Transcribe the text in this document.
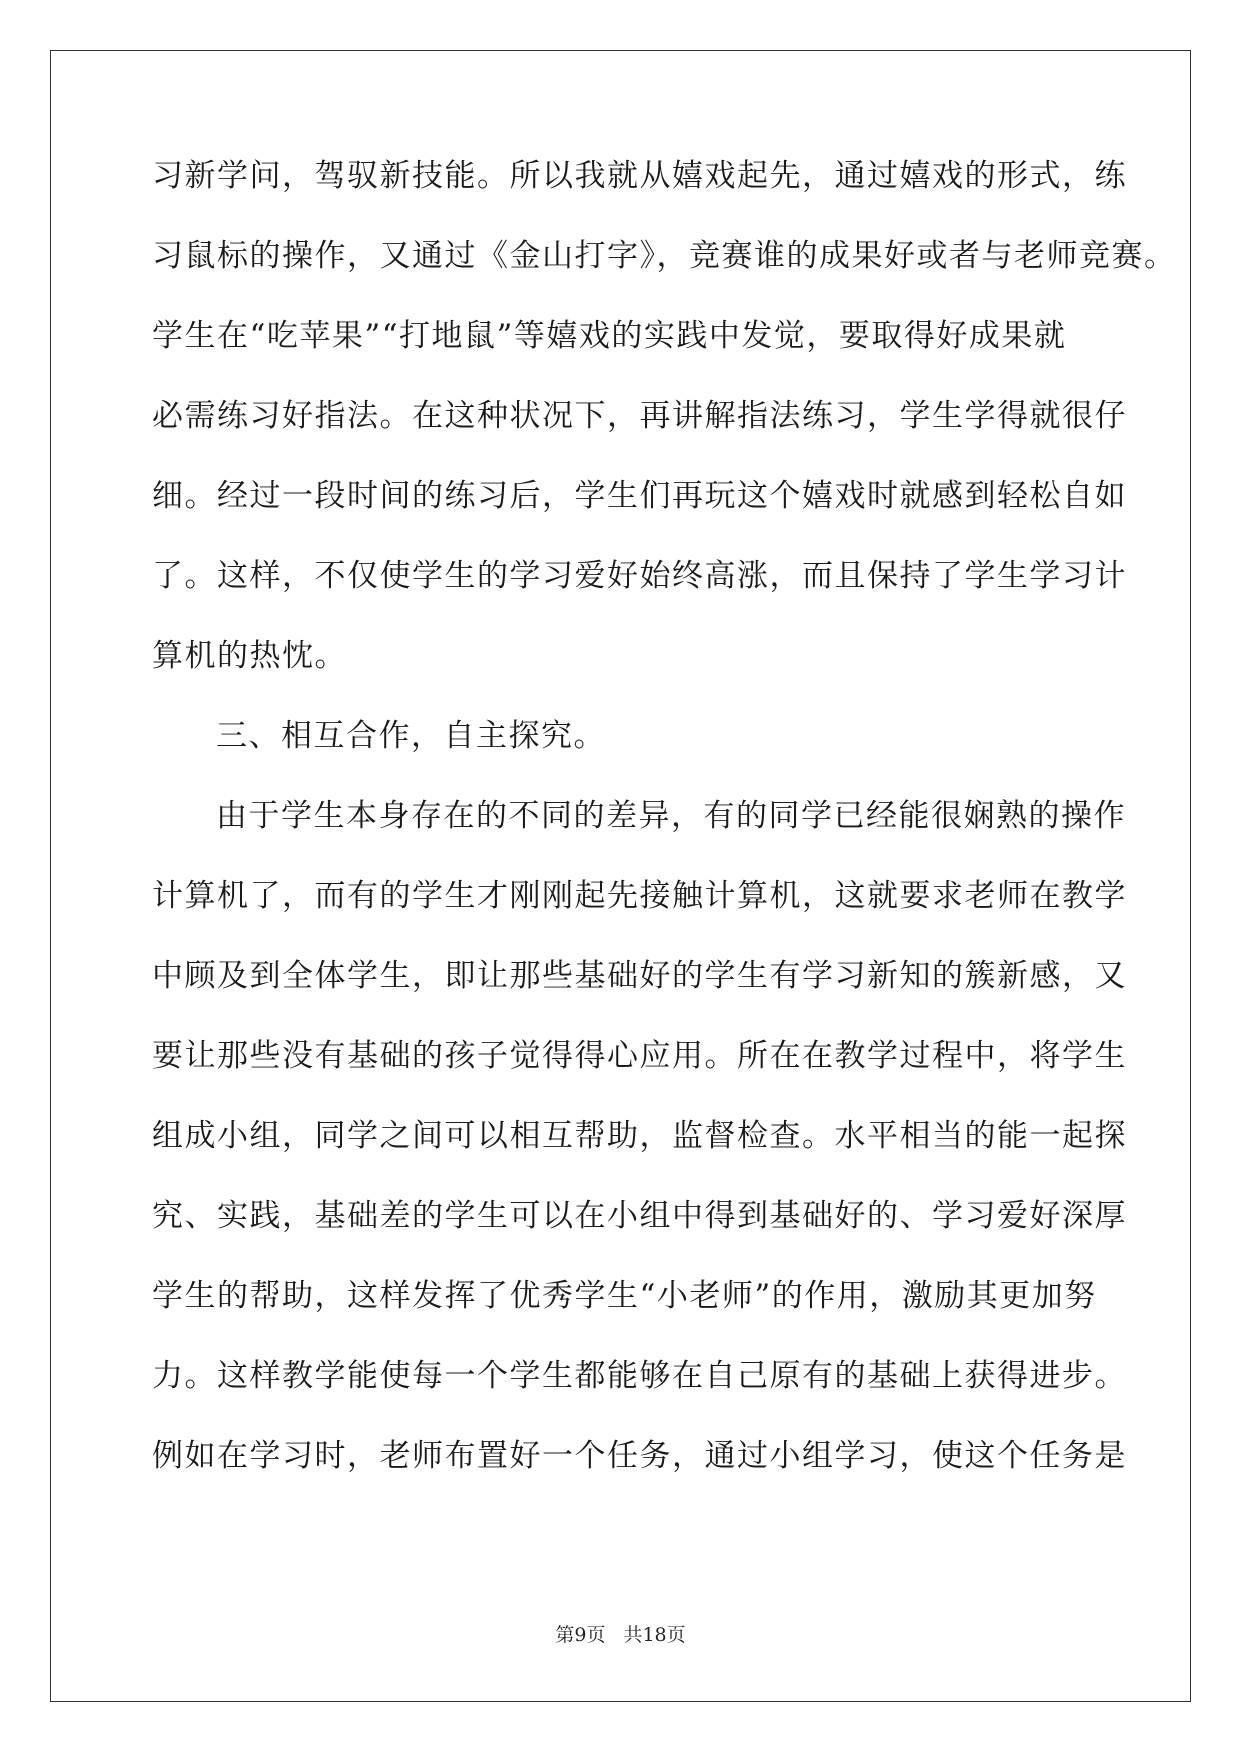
习新学问，驾驭新技能。所以我就从嬉戏起先，通过嬉戏的形式，练
习鼠标的操作，又通过《金山打字》，竞赛谁的成果好或者与老师竞赛。
学生在“吃苹果”“打地鼠”等嬉戏的实践中发觉，要取得好成果就
必需练习好指法。在这种状况下，再讲解指法练习，学生学得就很仔
细。经过一段时间的练习后，学生们再玩这个嬉戏时就感到轻松自如
了。这样，不仅使学生的学习爱好始终高涨，而且保持了学生学习计
算机的热忱。
三、相互合作，自主探究。
由于学生本身存在的不同的差异，有的同学已经能很娴熟的操作
计算机了，而有的学生才刚刚起先接触计算机，这就要求老师在教学
中顾及到全体学生，即让那些基础好的学生有学习新知的簇新感，又
要让那些没有基础的孩子觉得得心应用。所在在教学过程中，将学生
组成小组，同学之间可以相互帮助，监督检查。水平相当的能一起探
究、实践，基础差的学生可以在小组中得到基础好的、学习爱好深厚
学生的帮助，这样发挥了优秀学生“小老师”的作用，激励其更加努
力。这样教学能使每一个学生都能够在自己原有的基础上获得进步。
例如在学习时，老师布置好一个任务，通过小组学习，使这个任务是
第9页 共18页
